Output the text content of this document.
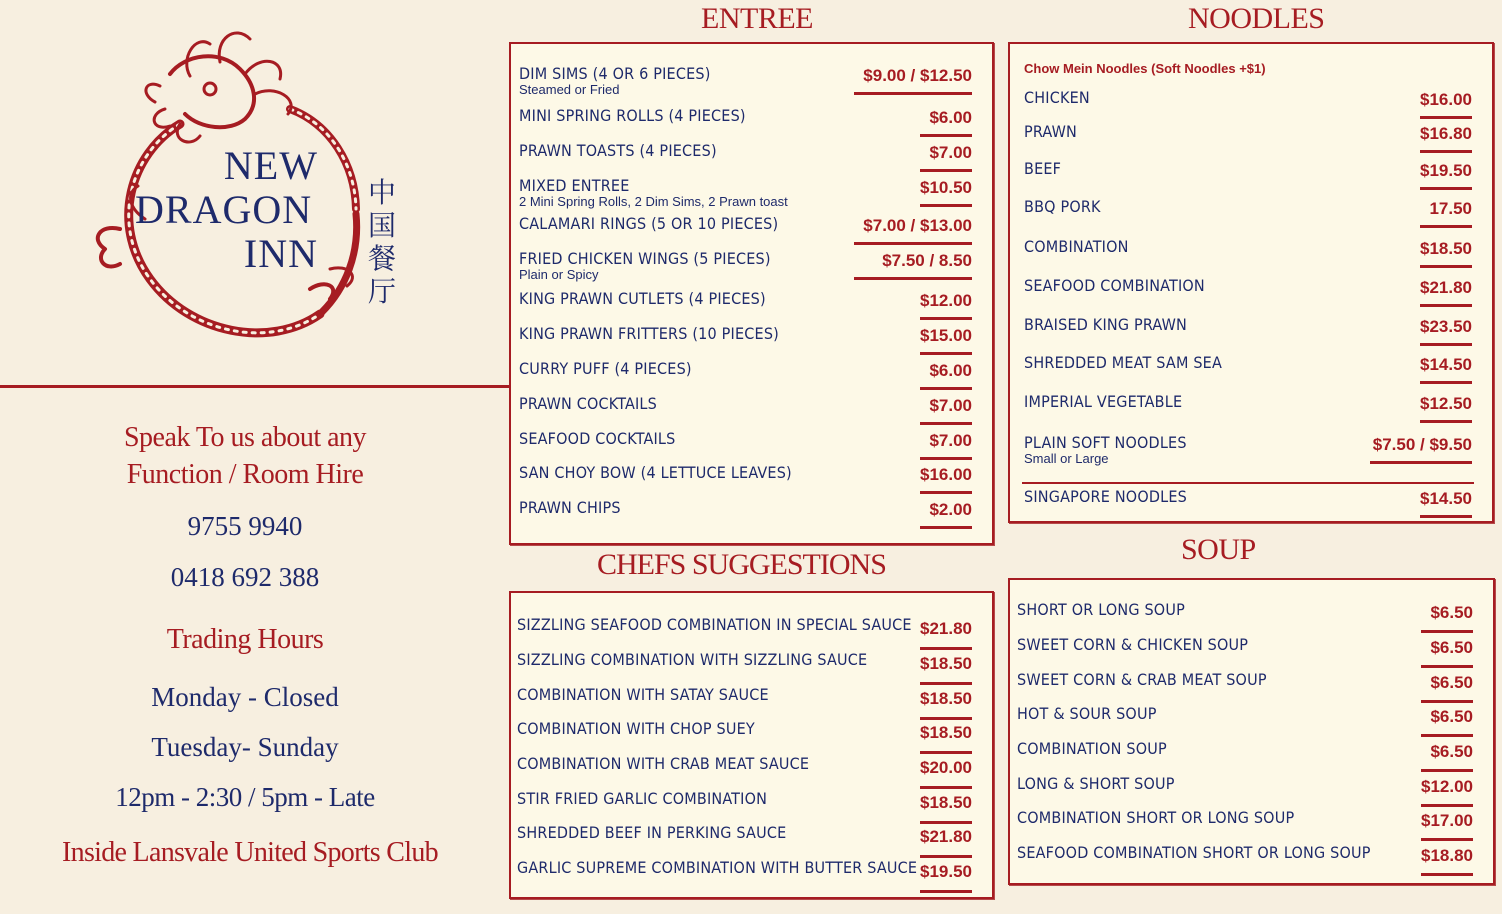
NEW
DRAGON
INN
中
国
餐
厅
Speak To us about any
Function / Room Hire
9755 9940
0418 692 388
Trading Hours
Monday - Closed
Tuesday- Sunday
12pm - 2:30 / 5pm - Late
Inside Lansvale United Sports Club
ENTREE	NOODLES
CHEFS SUGGESTIONS	SOUP
DIM SIMS (4 OR 6 PIECES)
Steamed or Fried
$9.00 / $12.50
MINI SPRING ROLLS (4 PIECES)	$6.00
PRAWN TOASTS (4 PIECES)	$7.00
MIXED ENTREE
2 Mini Spring Rolls, 2 Dim Sims, 2 Prawn toast
$10.50
CALAMARI RINGS (5 OR 10 PIECES)	$7.00 / $13.00
FRIED CHICKEN WINGS (5 PIECES)
Plain or Spicy
$7.50 / 8.50
KING PRAWN CUTLETS (4 PIECES)	$12.00
KING PRAWN FRITTERS (10 PIECES)	$15.00
CURRY PUFF (4 PIECES)	$6.00
PRAWN COCKTAILS	$7.00
SEAFOOD COCKTAILS	$7.00
SAN CHOY BOW (4 LETTUCE LEAVES)	$16.00
PRAWN CHIPS	$2.00
SIZZLING SEAFOOD COMBINATION IN SPECIAL SAUCE $21.80
SIZZLING COMBINATION WITH SIZZLING SAUCE	$18.50
COMBINATION WITH SATAY SAUCE	$18.50
COMBINATION WITH CHOP SUEY	$18.50
COMBINATION WITH CRAB MEAT SAUCE	$20.00
STIR FRIED GARLIC COMBINATION	$18.50
SHREDDED BEEF IN PERKING SAUCE	$21.80
GARLIC SUPREME COMBINATION WITH BUTTER SAUCE $19.50
Chow Mein Noodles (Soft Noodles +$1)
CHICKEN	$16.00
PRAWN	$16.80
BEEF	$19.50
BBQ PORK	17.50
COMBINATION	$18.50
SEAFOOD COMBINATION	$21.80
BRAISED KING PRAWN	$23.50
SHREDDED MEAT SAM SEA	$14.50
IMPERIAL VEGETABLE	$12.50
PLAIN SOFT NOODLES
Small or Large
$7.50 / $9.50
SINGAPORE NOODLES	$14.50
SHORT OR LONG SOUP	$6.50
SWEET CORN & CHICKEN SOUP	$6.50
SWEET CORN & CRAB MEAT SOUP	$6.50
HOT & SOUR SOUP	$6.50
COMBINATION SOUP	$6.50
LONG & SHORT SOUP	$12.00
COMBINATION SHORT OR LONG SOUP	$17.00
SEAFOOD COMBINATION SHORT OR LONG SOUP	$18.80
